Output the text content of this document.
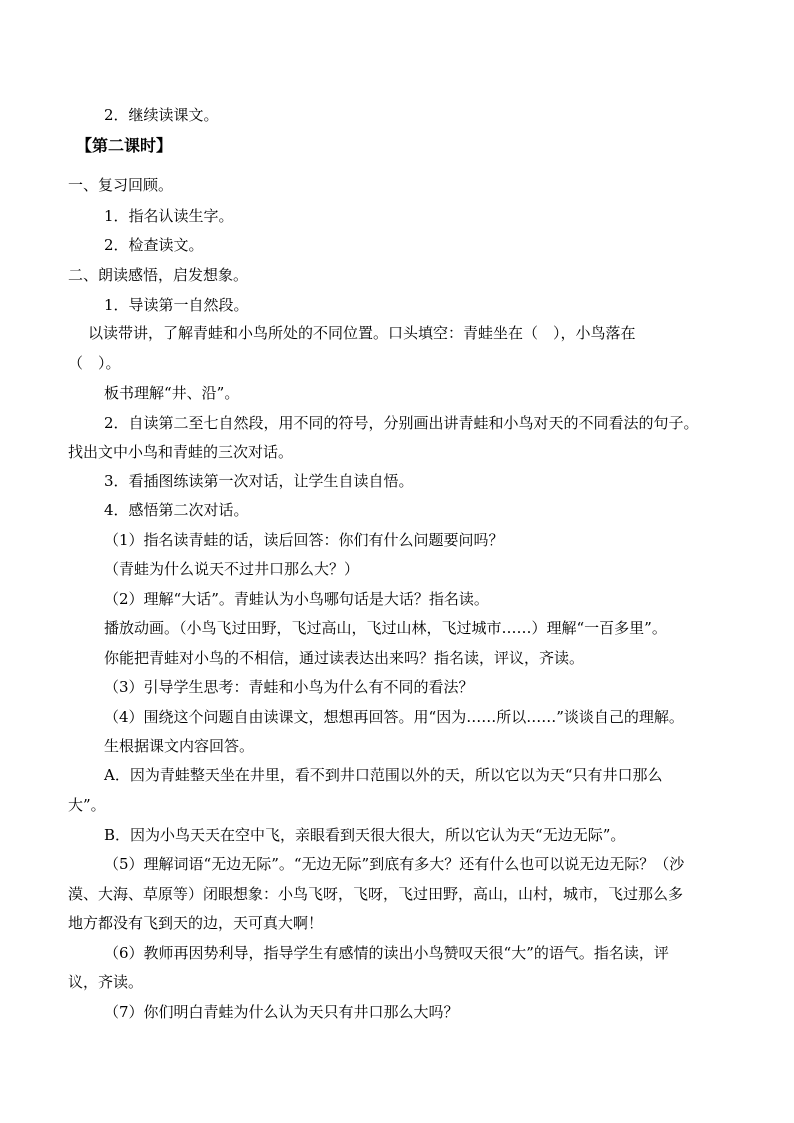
2．继续读课文。
【第二课时】
一、复习回顾。
1．指名认读生字。
2．检查读文。
二、朗读感悟，启发想象。
1．导读第一自然段。
以读带讲，了解青蛙和小鸟所处的不同位置。口头填空：青蛙坐在（　），小鸟落在
（　）。
板书理解“井、沿”。
2．自读第二至七自然段，用不同的符号，分别画出讲青蛙和小鸟对天的不同看法的句子。
找出文中小鸟和青蛙的三次对话。
3．看插图练读第一次对话，让学生自读自悟。
4．感悟第二次对话。
（1）指名读青蛙的话，读后回答：你们有什么问题要问吗？
（青蛙为什么说天不过井口那么大？）
（2）理解“大话”。青蛙认为小鸟哪句话是大话？指名读。
播放动画。（小鸟飞过田野，飞过高山，飞过山林，飞过城市……）理解“一百多里”。
你能把青蛙对小鸟的不相信，通过读表达出来吗？指名读，评议，齐读。
（3）引导学生思考：青蛙和小鸟为什么有不同的看法？
（4）围绕这个问题自由读课文，想想再回答。用“因为……所以……”谈谈自己的理解。
生根据课文内容回答。
A．因为青蛙整天坐在井里，看不到井口范围以外的天，所以它以为天“只有井口那么
大”。
B．因为小鸟天天在空中飞，亲眼看到天很大很大，所以它认为天“无边无际”。
（5）理解词语“无边无际”。“无边无际”到底有多大？还有什么也可以说无边无际？（沙
漠、大海、草原等）闭眼想象：小鸟飞呀，飞呀，飞过田野，高山，山村，城市，飞过那么多
地方都没有飞到天的边，天可真大啊！
（6）教师再因势利导，指导学生有感情的读出小鸟赞叹天很“大”的语气。指名读，评
议，齐读。
（7）你们明白青蛙为什么认为天只有井口那么大吗？
